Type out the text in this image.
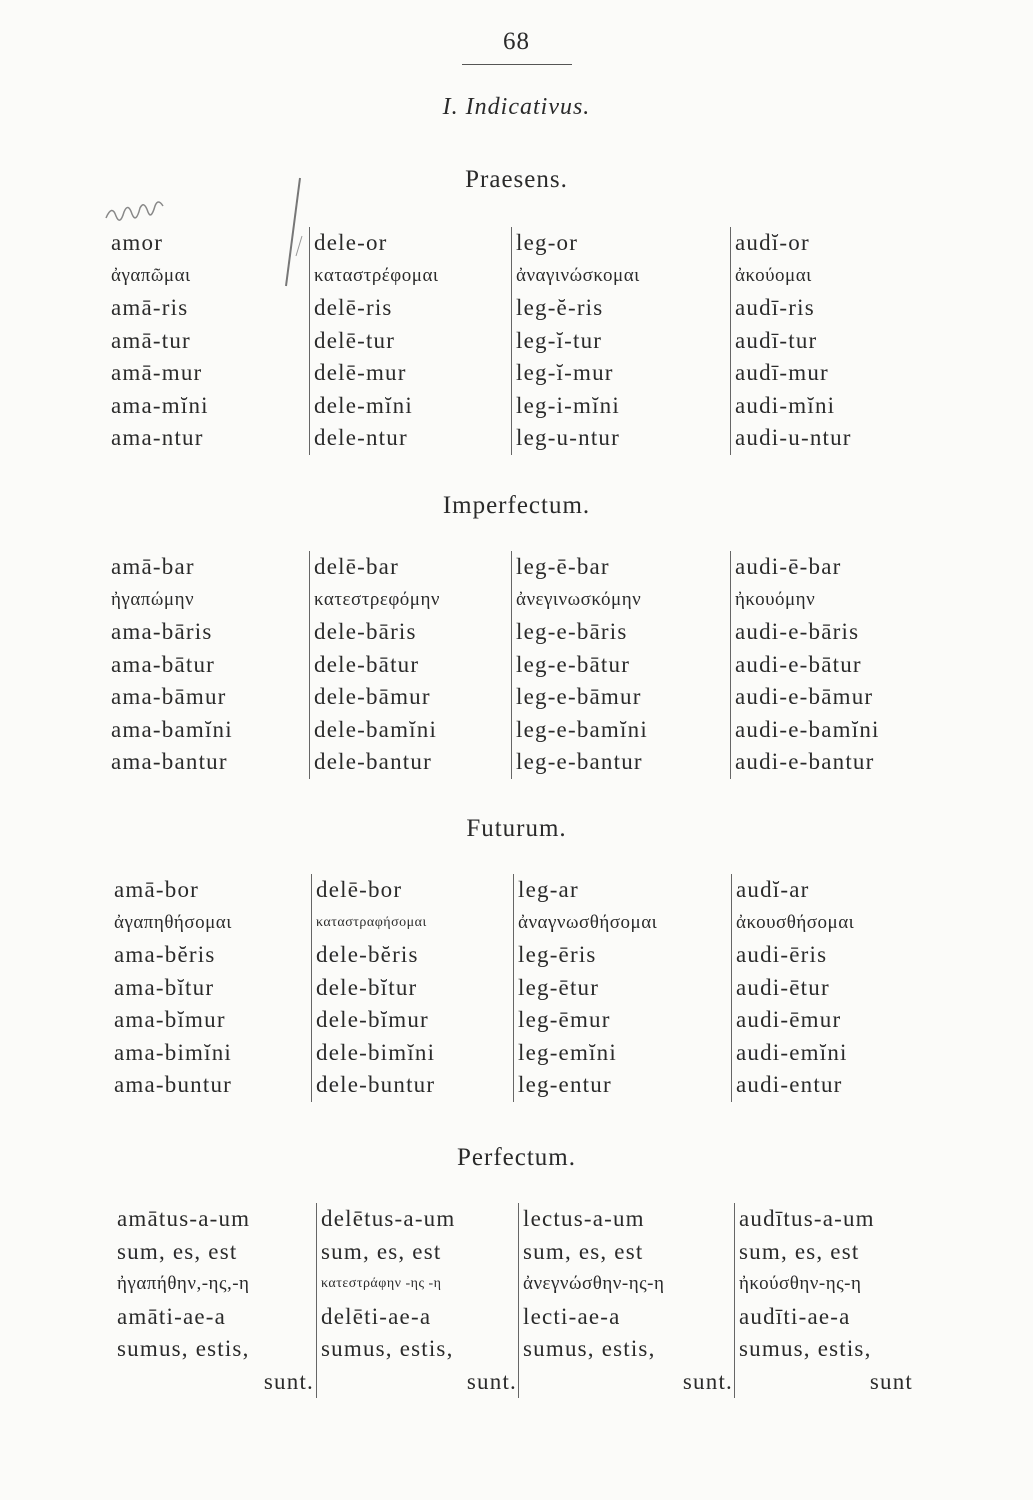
68
I. Indicativus.
Praesens.
amor
ἀγαπῶμαι
amā-ris
amā-tur
amā-mur
ama-mĭni
ama-ntur
dele-or
καταστρέφομαι
delē-ris
delē-tur
delē-mur
dele-mĭni
dele-ntur
leg-or
ἀναγινώσκομαι
leg-ĕ-ris
leg-ĭ-tur
leg-ĭ-mur
leg-i-mĭni
leg-u-ntur
audĭ-or
ἀκούομαι
audī-ris
audī-tur
audī-mur
audi-mĭni
audi-u-ntur
Imperfectum.
amā-bar
ἠγαπώμην
ama-bāris
ama-bātur
ama-bāmur
ama-bamĭni
ama-bantur
delē-bar
κατεστρεφόμην
dele-bāris
dele-bātur
dele-bāmur
dele-bamĭni
dele-bantur
leg-ē-bar
ἀνεγινωσκόμην
leg-e-bāris
leg-e-bātur
leg-e-bāmur
leg-e-bamĭni
leg-e-bantur
audi-ē-bar
ἠκουόμην
audi-e-bāris
audi-e-bātur
audi-e-bāmur
audi-e-bamĭni
audi-e-bantur
Futurum.
amā-bor
ἀγαπηθήσομαι
ama-bĕris
ama-bĭtur
ama-bĭmur
ama-bimĭni
ama-buntur
delē-bor
καταστραφήσομαι
dele-bĕris
dele-bĭtur
dele-bĭmur
dele-bimĭni
dele-buntur
leg-ar
ἀναγνωσθήσομαι
leg-ēris
leg-ētur
leg-ēmur
leg-emĭni
leg-entur
audĭ-ar
ἀκουσθήσομαι
audi-ēris
audi-ētur
audi-ēmur
audi-emĭni
audi-entur
Perfectum.
amātus-a-um
sum, es, est
ἠγαπήθην,-ης,-η
amāti-ae-a
sumus, estis,
sunt.
delētus-a-um
sum, es, est
κατεστράφην -ης -η
delēti-ae-a
sumus, estis,
sunt.
lectus-a-um
sum, es, est
ἀνεγνώσθην-ης-η
lecti-ae-a
sumus, estis,
sunt.
audītus-a-um
sum, es, est
ἠκούσθην-ης-η
audīti-ae-a
sumus, estis,
sunt
